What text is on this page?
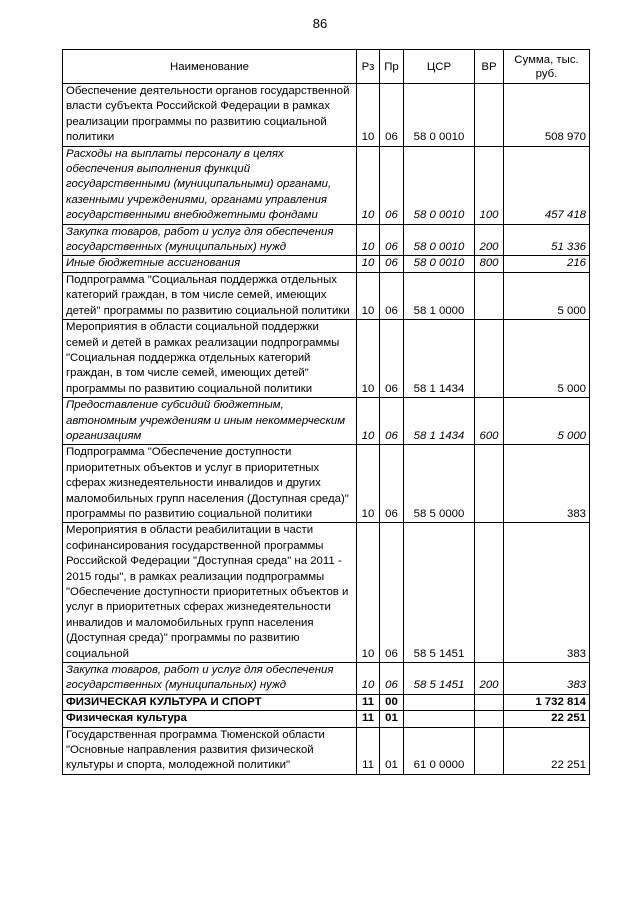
86
Наименование	Рз	Пр	ЦСР	ВР	Сумма, тыс. руб.
Обеспечение деятельности органов государственной власти субъекта Российской Федерации в рамках реализации программы по развитию социальной политики	10	06	58 0 0010		508 970
Расходы на выплаты персоналу в целях обеспечения выполнения функций государственными (муниципальными) органами, казенными учреждениями, органами управления государственными внебюджетными фондами	10	06	58 0 0010	100	457 418
Закупка товаров, работ и услуг для обеспечения государственных (муниципальных) нужд	10	06	58 0 0010	200	51 336
Иные бюджетные ассигнования	10	06	58 0 0010	800	216
Подпрограмма "Социальная поддержка отдельных категорий граждан, в том числе семей, имеющих детей" программы по развитию социальной политики	10	06	58 1 0000		5 000
Мероприятия в области социальной поддержки семей и детей в рамках реализации подпрограммы "Социальная поддержка отдельных категорий граждан, в том числе семей, имеющих детей" программы по развитию социальной политики	10	06	58 1 1434		5 000
Предоставление субсидий бюджетным, автономным учреждениям и иным некоммерческим организациям	10	06	58 1 1434	600	5 000
Подпрограмма "Обеспечение доступности приоритетных объектов и услуг в приоритетных сферах жизнедеятельности инвалидов и других маломобильных групп населения (Доступная среда)" программы по развитию социальной политики	10	06	58 5 0000		383
Мероприятия в области реабилитации в части софинансирования государственной программы Российской Федерации "Доступная среда" на 2011 - 2015 годы", в рамках реализации подпрограммы "Обеспечение доступности приоритетных объектов и услуг в приоритетных сферах жизнедеятельности инвалидов и маломобильных групп населения (Доступная среда)" программы по развитию социальной	10	06	58 5 1451		383
Закупка товаров, работ и услуг для обеспечения государственных (муниципальных) нужд	10	06	58 5 1451	200	383
ФИЗИЧЕСКАЯ КУЛЬТУРА И СПОРТ	11	00			1 732 814
Физическая культура	11	01			22 251
Государственная программа Тюменской области "Основные направления развития физической культуры и спорта, молодежной политики"	11	01	61 0 0000		22 251
